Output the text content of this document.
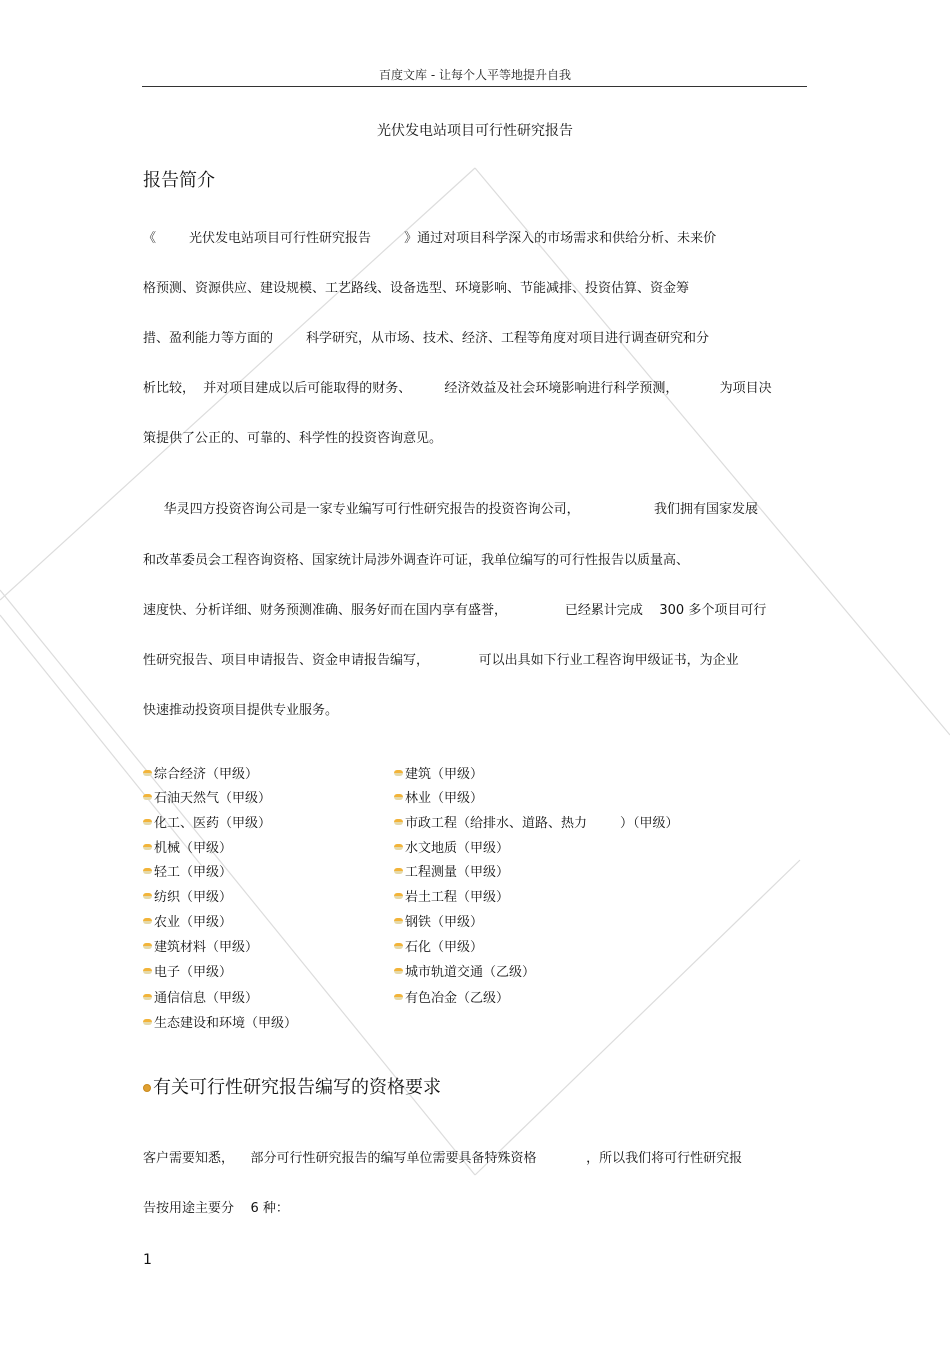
百度文库 - 让每个人平等地提升自我
光伏发电站项目可行性研究报告
报告简介
《        光伏发电站项目可行性研究报告        》通过对项目科学深入的市场需求和供给分析、未来价
格预测、资源供应、建设规模、工艺路线、设备选型、环境影响、节能减排、投资估算、资金筹
措、盈利能力等方面的        科学研究，从市场、技术、经济、工程等角度对项目进行调查研究和分
析比较，  并对项目建成以后可能取得的财务、        经济效益及社会环境影响进行科学预测，          为项目决
策提供了公正的、可靠的、科学性的投资咨询意见。
华灵四方投资咨询公司是一家专业编写可行性研究报告的投资咨询公司，                  我们拥有国家发展
和改革委员会工程咨询资格、国家统计局涉外调查许可证，我单位编写的可行性报告以质量高、
速度快、分析详细、财务预测准确、服务好而在国内享有盛誉，              已经累计完成    300 多个项目可行
性研究报告、项目申请报告、资金申请报告编写，            可以出具如下行业工程咨询甲级证书，为企业
快速推动投资项目提供专业服务。
综合经济（甲级）
石油天然气（甲级）
化工、医药（甲级）
机械（甲级）
轻工（甲级）
纺织（甲级）
农业（甲级）
建筑材料（甲级）
电子（甲级）
通信信息（甲级）
生态建设和环境（甲级）
建筑（甲级）
林业（甲级）
市政工程（给排水、道路、热力        ）（甲级）
水文地质（甲级）
工程测量（甲级）
岩土工程（甲级）
钢铁（甲级）
石化（甲级）
城市轨道交通（乙级）
有色冶金（乙级）
有关可行性研究报告编写的资格要求
客户需要知悉，    部分可行性研究报告的编写单位需要具备特殊资格            ，所以我们将可行性研究报
告按用途主要分    6 种：
1
